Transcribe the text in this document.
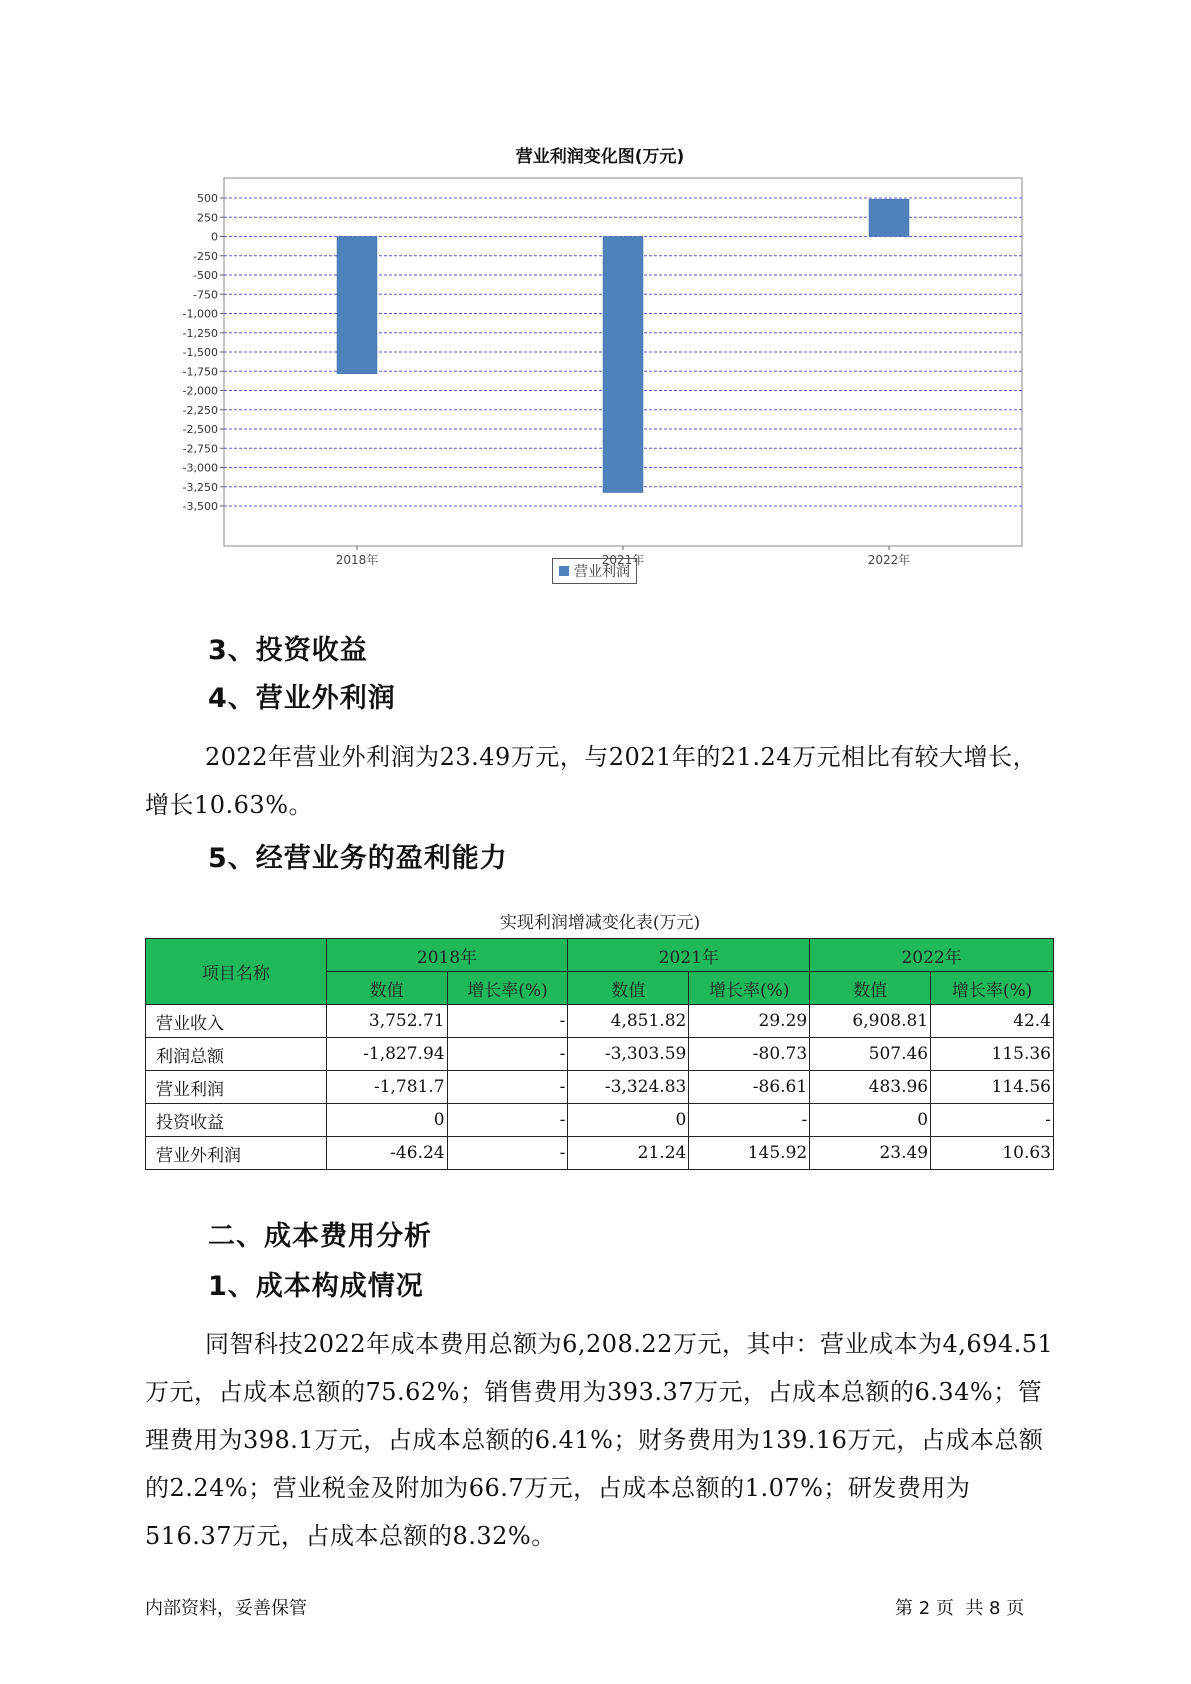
营业利润变化图(万元)
500
250
0
-250
-500
-750
-1,000
-1,250
-1,500
-1,750
-2,000
-2,250
-2,500
-2,750
-3,000
-3,250
-3,500
2018年	2021年	2022年
营业利润
3、投资收益
4、营业外利润
2022年营业外利润为23.49万元，与2021年的21.24万元相比有较大增长，增长10.63%。
5、经营业务的盈利能力
实现利润增减变化表(万元)
项目名称	2018年		2021年		2022年	
	数值	增长率(%)	数值	增长率(%)	数值	增长率(%)
营业收入	3,752.71	-	4,851.82	29.29	6,908.81	42.4
利润总额	-1,827.94	-	-3,303.59	-80.73	507.46	115.36
营业利润	-1,781.7	-	-3,324.83	-86.61	483.96	114.56
投资收益	0	-	0	-	0	-
营业外利润	-46.24	-	21.24	145.92	23.49	10.63
二、成本费用分析
1、成本构成情况
同智科技2022年成本费用总额为6,208.22万元，其中：营业成本为4,694.51万元，占成本总额的75.62%；销售费用为393.37万元，占成本总额的6.34%；管理费用为398.1万元，占成本总额的6.41%；财务费用为139.16万元，占成本总额的2.24%；营业税金及附加为66.7万元，占成本总额的1.07%；研发费用为516.37万元，占成本总额的8.32%。
内部资料，妥善保管	第 2 页  共 8 页
